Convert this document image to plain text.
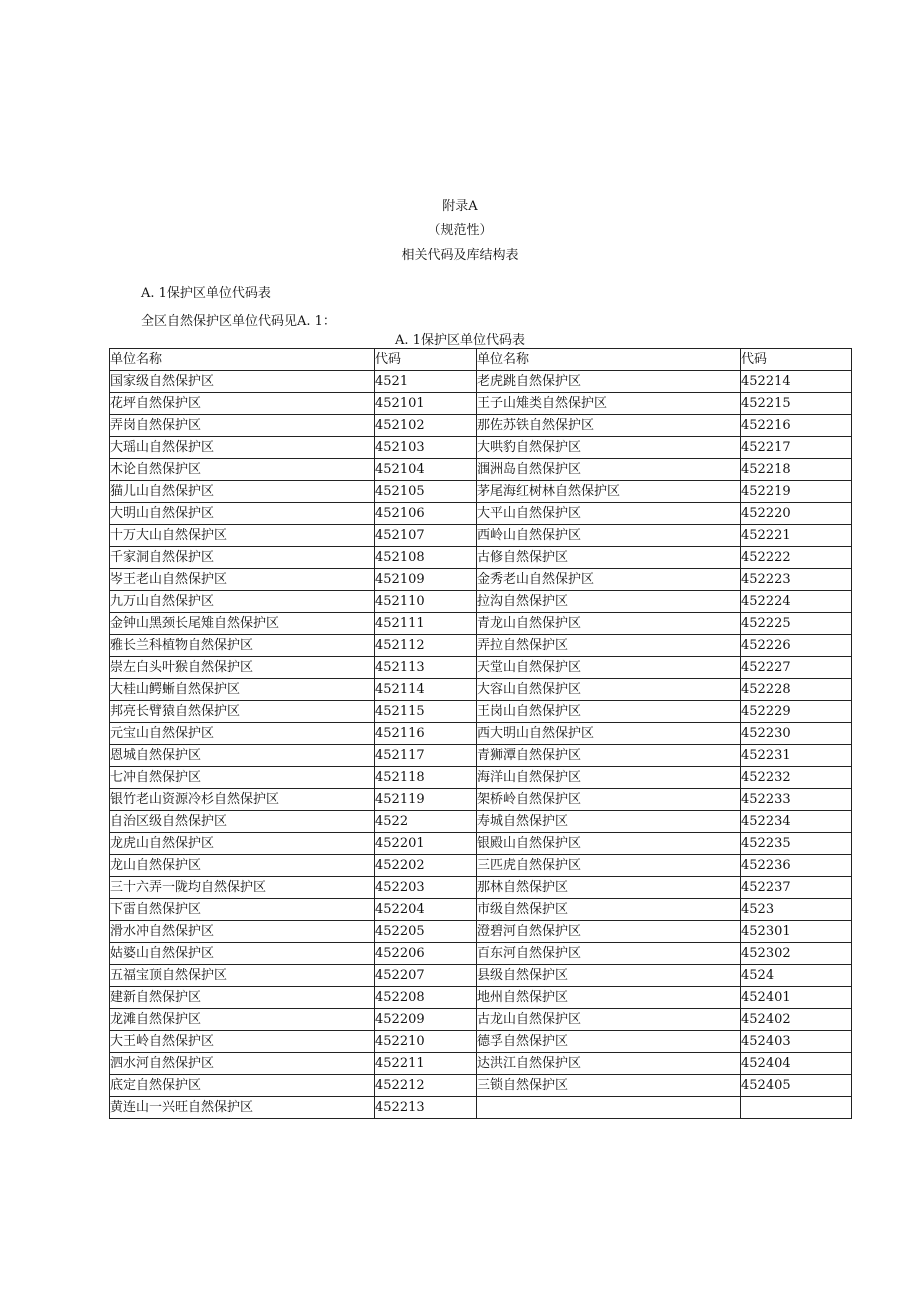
附录A
（规范性）
相关代码及库结构表
A. 1保护区单位代码表
全区自然保护区单位代码见A. 1：
A. 1保护区单位代码表
单位名称	代码	单位名称	代码
国家级自然保护区	4521	老虎跳自然保护区	452214
花坪自然保护区	452101	王子山雉类自然保护区	452215
弄岗自然保护区	452102	那佐苏铁自然保护区	452216
大瑶山自然保护区	452103	大哄豹自然保护区	452217
木论自然保护区	452104	涠洲岛自然保护区	452218
猫儿山自然保护区	452105	茅尾海红树林自然保护区	452219
大明山自然保护区	452106	大平山自然保护区	452220
十万大山自然保护区	452107	西岭山自然保护区	452221
千家洞自然保护区	452108	古修自然保护区	452222
岑王老山自然保护区	452109	金秀老山自然保护区	452223
九万山自然保护区	452110	拉沟自然保护区	452224
金钟山黑颈长尾雉自然保护区	452111	青龙山自然保护区	452225
雅长兰科植物自然保护区	452112	弄拉自然保护区	452226
崇左白头叶猴自然保护区	452113	天堂山自然保护区	452227
大桂山鳄蜥自然保护区	452114	大容山自然保护区	452228
邦亮长臂猿自然保护区	452115	王岗山自然保护区	452229
元宝山自然保护区	452116	西大明山自然保护区	452230
恩城自然保护区	452117	青狮潭自然保护区	452231
七冲自然保护区	452118	海洋山自然保护区	452232
银竹老山资源冷杉自然保护区	452119	架桥岭自然保护区	452233
自治区级自然保护区	4522	寿城自然保护区	452234
龙虎山自然保护区	452201	银殿山自然保护区	452235
龙山自然保护区	452202	三匹虎自然保护区	452236
三十六弄一陇均自然保护区	452203	那林自然保护区	452237
下雷自然保护区	452204	市级自然保护区	4523
滑水冲自然保护区	452205	澄碧河自然保护区	452301
姑婆山自然保护区	452206	百东河自然保护区	452302
五福宝顶自然保护区	452207	县级自然保护区	4524
建新自然保护区	452208	地州自然保护区	452401
龙滩自然保护区	452209	古龙山自然保护区	452402
大王岭自然保护区	452210	德孚自然保护区	452403
泗水河自然保护区	452211	达洪江自然保护区	452404
底定自然保护区	452212	三锁自然保护区	452405
黄连山一兴旺自然保护区	452213		
